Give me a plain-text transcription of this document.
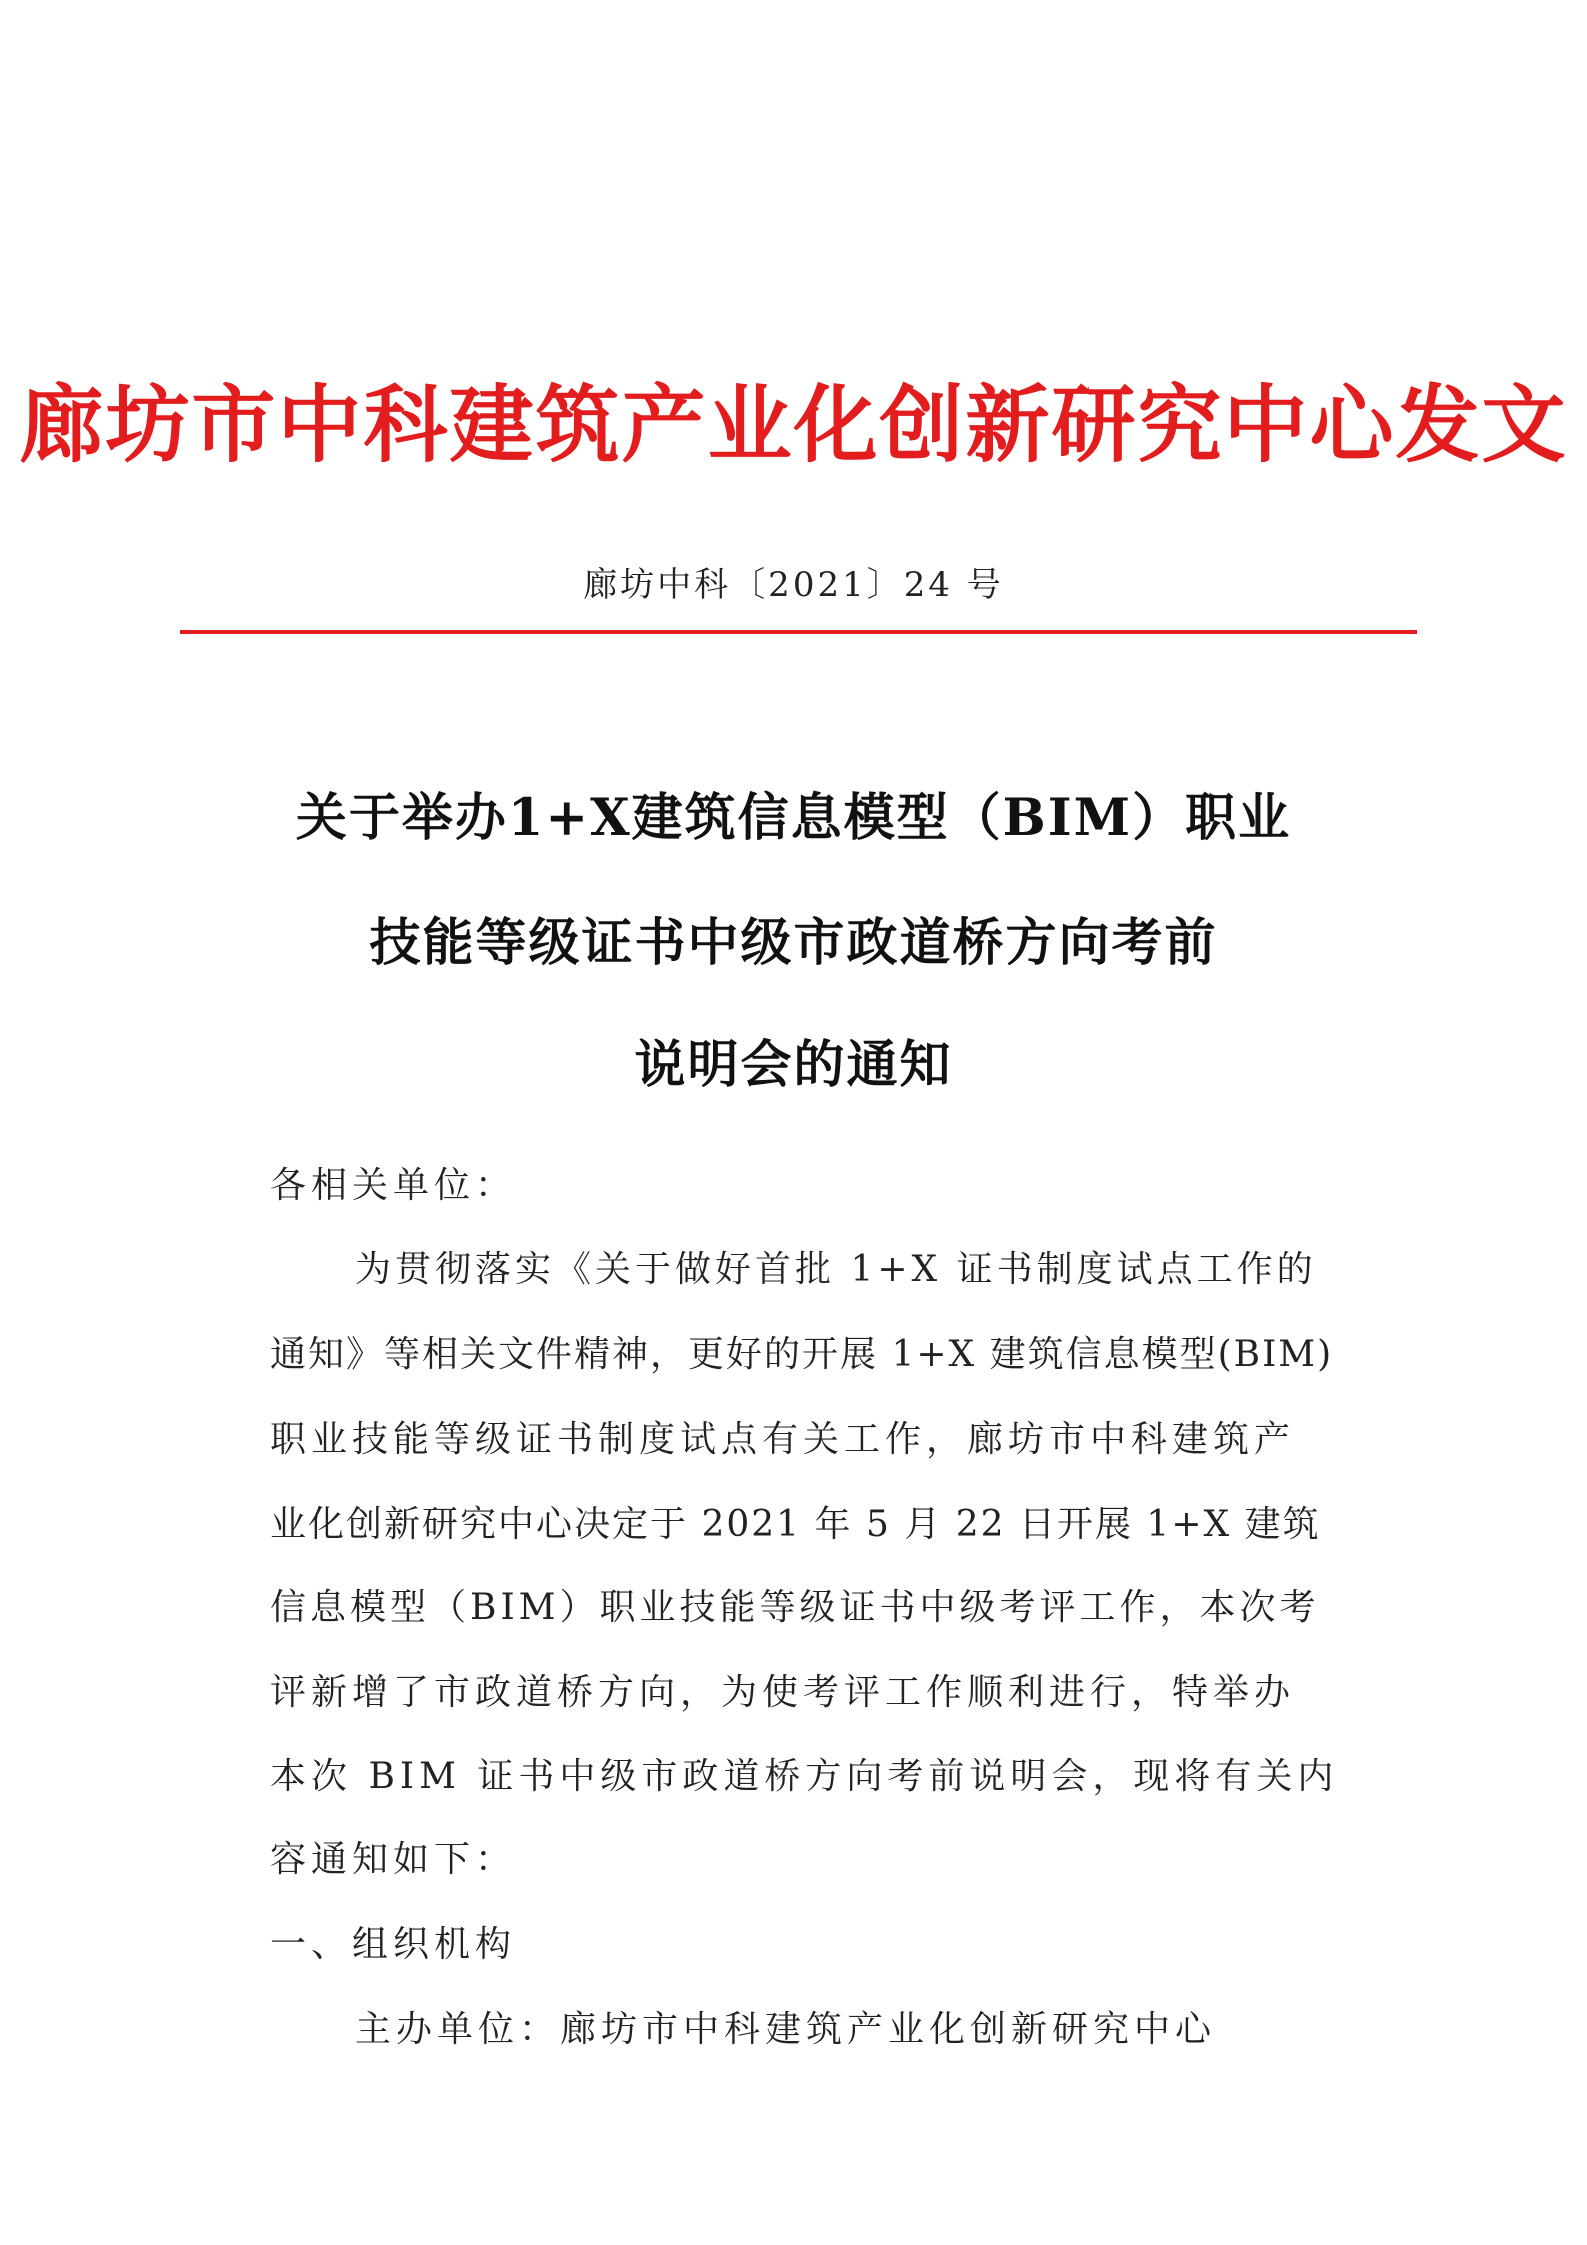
廊坊市中科建筑产业化创新研究中心发文
廊坊中科〔2021〕24 号
关于举办1+X建筑信息模型（BIM）职业
技能等级证书中级市政道桥方向考前
说明会的通知
各相关单位：
为贯彻落实《关于做好首批 1+X 证书制度试点工作的
通知》等相关文件精神，更好的开展 1+X 建筑信息模型(BIM)
职业技能等级证书制度试点有关工作，廊坊市中科建筑产
业化创新研究中心决定于 2021 年 5 月 22 日开展 1+X 建筑
信息模型（BIM）职业技能等级证书中级考评工作，本次考
评新增了市政道桥方向，为使考评工作顺利进行，特举办
本次 BIM 证书中级市政道桥方向考前说明会，现将有关内
容通知如下：
一、组织机构
主办单位：廊坊市中科建筑产业化创新研究中心
